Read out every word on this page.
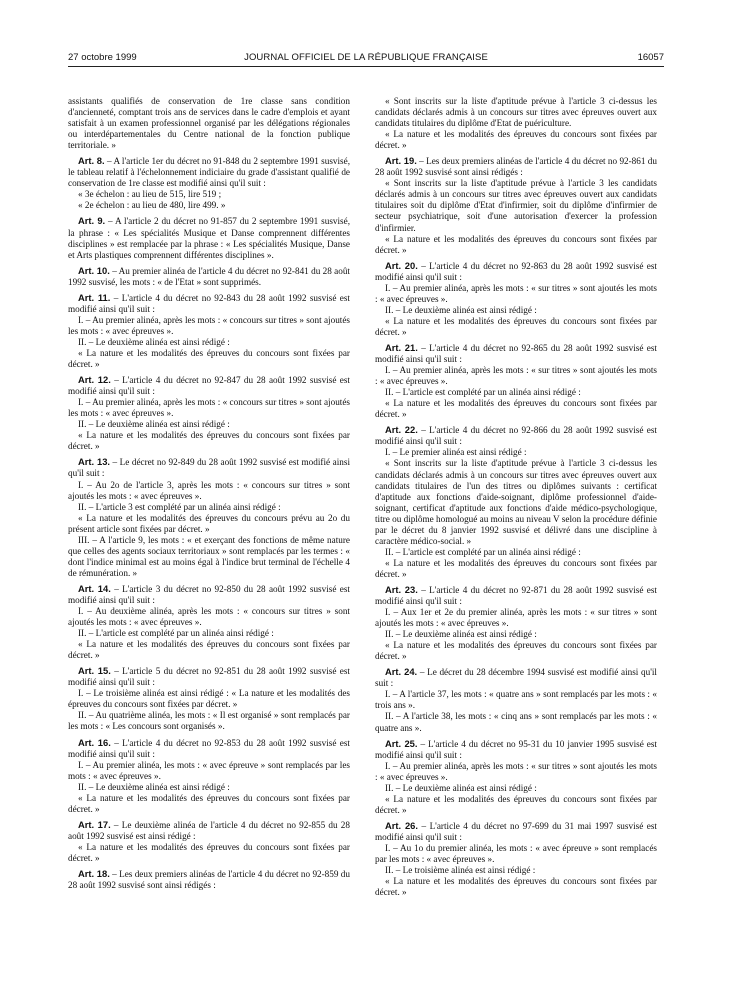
27 octobre 1999	JOURNAL OFFICIEL DE LA RÉPUBLIQUE FRANÇAISE	16057

assistants qualifiés de conservation de 1re classe sans condition d'ancienneté, comptant trois ans de services dans le cadre d'emplois et ayant satisfait à un examen professionnel organisé par les délégations régionales ou interdépartementales du Centre national de la fonction publique territoriale. »

Art. 8. – A l'article 1er du décret no 91-848 du 2 septembre 1991 susvisé, le tableau relatif à l'échelonnement indiciaire du grade d'assistant qualifié de conservation de 1re classe est modifié ainsi qu'il suit :

« 3e échelon : au lieu de 515, lire 519 ;

« 2e échelon : au lieu de 480, lire 499. »

Art. 9. – A l'article 2 du décret no 91-857 du 2 septembre 1991 susvisé, la phrase : « Les spécialités Musique et Danse comprennent différentes disciplines » est remplacée par la phrase : « Les spécialités Musique, Danse et Arts plastiques comprennent différentes disciplines ».

Art. 10. – Au premier alinéa de l'article 4 du décret no 92-841 du 28 août 1992 susvisé, les mots : « de l'Etat » sont supprimés.

Art. 11. – L'article 4 du décret no 92-843 du 28 août 1992 susvisé est modifié ainsi qu'il suit :

I. – Au premier alinéa, après les mots : « concours sur titres » sont ajoutés les mots : « avec épreuves ».

II. – Le deuxième alinéa est ainsi rédigé :

« La nature et les modalités des épreuves du concours sont fixées par décret. »

Art. 12. – L'article 4 du décret no 92-847 du 28 août 1992 susvisé est modifié ainsi qu'il suit :

I. – Au premier alinéa, après les mots : « concours sur titres » sont ajoutés les mots : « avec épreuves ».

II. – Le deuxième alinéa est ainsi rédigé :

« La nature et les modalités des épreuves du concours sont fixées par décret. »

Art. 13. – Le décret no 92-849 du 28 août 1992 susvisé est modifié ainsi qu'il suit :

I. – Au 2o de l'article 3, après les mots : « concours sur titres » sont ajoutés les mots : « avec épreuves ».

II. – L'article 3 est complété par un alinéa ainsi rédigé :

« La nature et les modalités des épreuves du concours prévu au 2o du présent article sont fixées par décret. »

III. – A l'article 9, les mots : « et exerçant des fonctions de même nature que celles des agents sociaux territoriaux » sont remplacés par les termes : « dont l'indice minimal est au moins égal à l'indice brut terminal de l'échelle 4 de rémunération. »

Art. 14. – L'article 3 du décret no 92-850 du 28 août 1992 susvisé est modifié ainsi qu'il suit :

I. – Au deuxième alinéa, après les mots : « concours sur titres » sont ajoutés les mots : « avec épreuves ».

II. – L'article est complété par un alinéa ainsi rédigé :

« La nature et les modalités des épreuves du concours sont fixées par décret. »

Art. 15. – L'article 5 du décret no 92-851 du 28 août 1992 susvisé est modifié ainsi qu'il suit :

I. – Le troisième alinéa est ainsi rédigé : « La nature et les modalités des épreuves du concours sont fixées par décret. »

II. – Au quatrième alinéa, les mots : « Il est organisé » sont remplacés par les mots : « Les concours sont organisés ».

Art. 16. – L'article 4 du décret no 92-853 du 28 août 1992 susvisé est modifié ainsi qu'il suit :

I. – Au premier alinéa, les mots : « avec épreuve » sont remplacés par les mots : « avec épreuves ».

II. – Le deuxième alinéa est ainsi rédigé :

« La nature et les modalités des épreuves du concours sont fixées par décret. »

Art. 17. – Le deuxième alinéa de l'article 4 du décret no 92-855 du 28 août 1992 susvisé est ainsi rédigé :

« La nature et les modalités des épreuves du concours sont fixées par décret. »

Art. 18. – Les deux premiers alinéas de l'article 4 du décret no 92-859 du 28 août 1992 susvisé sont ainsi rédigés :

« Sont inscrits sur la liste d'aptitude prévue à l'article 3 ci-dessus les candidats déclarés admis à un concours sur titres avec épreuves ouvert aux candidats titulaires du diplôme d'Etat de puériculture.

« La nature et les modalités des épreuves du concours sont fixées par décret. »

Art. 19. – Les deux premiers alinéas de l'article 4 du décret no 92-861 du 28 août 1992 susvisé sont ainsi rédigés :

« Sont inscrits sur la liste d'aptitude prévue à l'article 3 les candidats déclarés admis à un concours sur titres avec épreuves ouvert aux candidats titulaires soit du diplôme d'Etat d'infirmier, soit du diplôme d'infirmier de secteur psychiatrique, soit d'une autorisation d'exercer la profession d'infirmier.

« La nature et les modalités des épreuves du concours sont fixées par décret. »

Art. 20. – L'article 4 du décret no 92-863 du 28 août 1992 susvisé est modifié ainsi qu'il suit :

I. – Au premier alinéa, après les mots : « sur titres » sont ajoutés les mots : « avec épreuves ».

II. – Le deuxième alinéa est ainsi rédigé :

« La nature et les modalités des épreuves du concours sont fixées par décret. »

Art. 21. – L'article 4 du décret no 92-865 du 28 août 1992 susvisé est modifié ainsi qu'il suit :

I. – Au premier alinéa, après les mots : « sur titres » sont ajoutés les mots : « avec épreuves ».

II. – L'article est complété par un alinéa ainsi rédigé :

« La nature et les modalités des épreuves du concours sont fixées par décret. »

Art. 22. – L'article 4 du décret no 92-866 du 28 août 1992 susvisé est modifié ainsi qu'il suit :

I. – Le premier alinéa est ainsi rédigé :

« Sont inscrits sur la liste d'aptitude prévue à l'article 3 ci-dessus les candidats déclarés admis à un concours sur titres avec épreuves ouvert aux candidats titulaires de l'un des titres ou diplômes suivants : certificat d'aptitude aux fonctions d'aide-soignant, diplôme professionnel d'aide-soignant, certificat d'aptitude aux fonctions d'aide médico-psychologique, titre ou diplôme homologué au moins au niveau V selon la procédure définie par le décret du 8 janvier 1992 susvisé et délivré dans une discipline à caractère médico-social. »

II. – L'article est complété par un alinéa ainsi rédigé :

« La nature et les modalités des épreuves du concours sont fixées par décret. »

Art. 23. – L'article 4 du décret no 92-871 du 28 août 1992 susvisé est modifié ainsi qu'il suit :

I. – Aux 1er et 2e du premier alinéa, après les mots : « sur titres » sont ajoutés les mots : « avec épreuves ».

II. – Le deuxième alinéa est ainsi rédigé :

« La nature et les modalités des épreuves du concours sont fixées par décret. »

Art. 24. – Le décret du 28 décembre 1994 susvisé est modifié ainsi qu'il suit :

I. – A l'article 37, les mots : « quatre ans » sont remplacés par les mots : « trois ans ».

II. – A l'article 38, les mots : « cinq ans » sont remplacés par les mots : « quatre ans ».

Art. 25. – L'article 4 du décret no 95-31 du 10 janvier 1995 susvisé est modifié ainsi qu'il suit :

I. – Au premier alinéa, après les mots : « sur titres » sont ajoutés les mots : « avec épreuves ».

II. – Le deuxième alinéa est ainsi rédigé :

« La nature et les modalités des épreuves du concours sont fixées par décret. »

Art. 26. – L'article 4 du décret no 97-699 du 31 mai 1997 susvisé est modifié ainsi qu'il suit :

I. – Au 1o du premier alinéa, les mots : « avec épreuve » sont remplacés par les mots : « avec épreuves ».

II. – Le troisième alinéa est ainsi rédigé :

« La nature et les modalités des épreuves du concours sont fixées par décret. »
